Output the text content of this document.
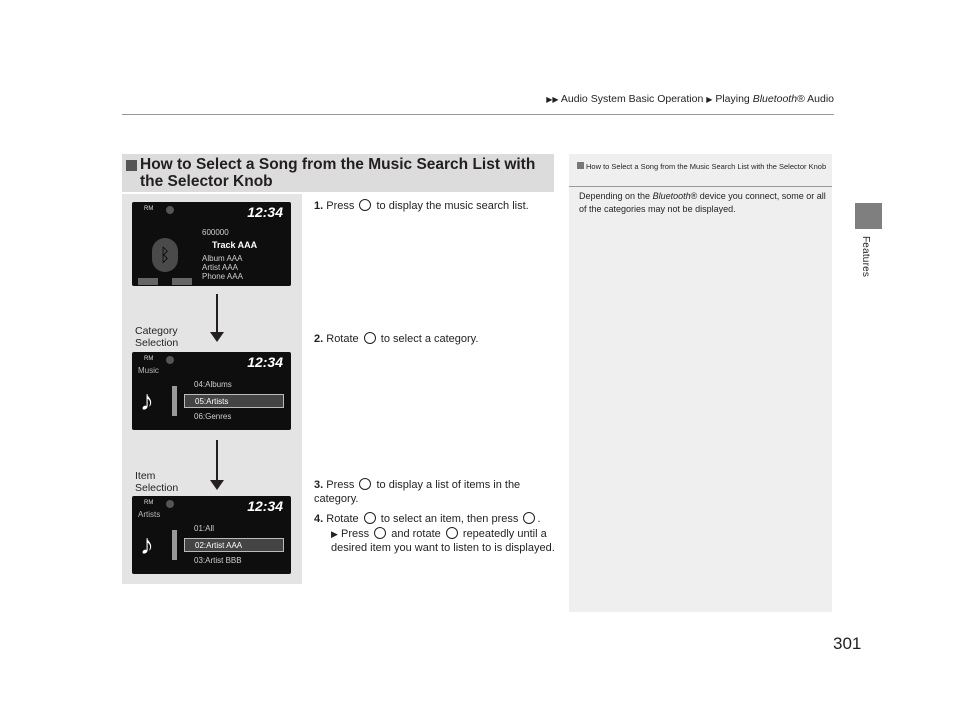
▶▶ Audio System Basic Operation ▶ Playing Bluetooth® Audio
Features
How to Select a Song from the Music Search List with the Selector Knob
RM	12:34
ᛒ
600000
Track AAA
Album AAA
Artist AAA
Phone AAA
Category
Selection
RM	12:34
Music
♪
04:Albums
05:Artists
06:Genres
Item
Selection
RM	12:34
Artists
♪
01:All
02:Artist AAA
03:Artist BBB
1. Press to display the music search list.
2. Rotate to select a category.
3. Press to display a list of items in the category.
4. Rotate to select an item, then press .
▶ Press and rotate repeatedly until a desired item you want to listen to is displayed.
How to Select a Song from the Music Search List with the Selector Knob
Depending on the Bluetooth® device you connect, some or all of the categories may not be displayed.
301
